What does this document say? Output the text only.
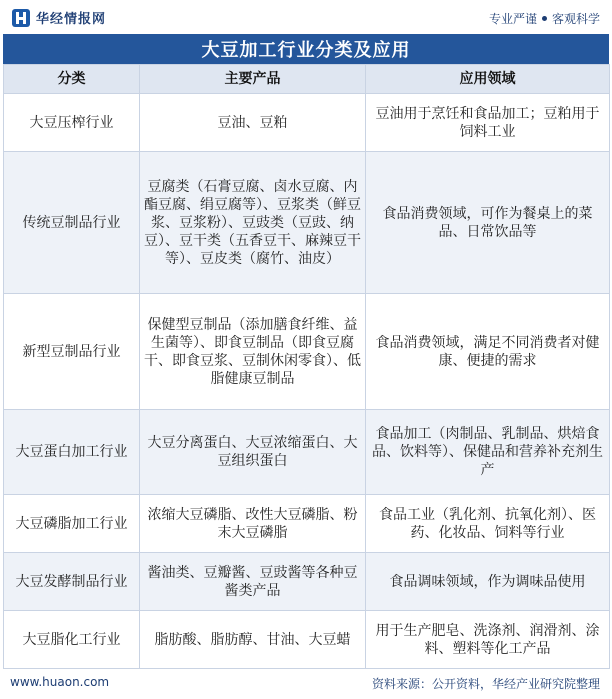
华经情报网	专业严谨 客观科学
大豆加工行业分类及应用
分类	主要产品	应用领域
大豆压榨行业	豆油、豆粕	豆油用于烹饪和食品加工；豆粕用于饲料工业
传统豆制品行业	豆腐类（石膏豆腐、卤水豆腐、内酯豆腐、绢豆腐等）、豆浆类（鲜豆浆、豆浆粉）、豆豉类（豆豉、纳豆）、豆干类（五香豆干、麻辣豆干等）、豆皮类（腐竹、油皮）	食品消费领域，可作为餐桌上的菜品、日常饮品等
新型豆制品行业	保健型豆制品（添加膳食纤维、益生菌等）、即食豆制品（即食豆腐干、即食豆浆、豆制休闲零食）、低脂健康豆制品	食品消费领域，满足不同消费者对健康、便捷的需求
大豆蛋白加工行业	大豆分离蛋白、大豆浓缩蛋白、大豆组织蛋白	食品加工（肉制品、乳制品、烘焙食品、饮料等）、保健品和营养补充剂生产
大豆磷脂加工行业	浓缩大豆磷脂、改性大豆磷脂、粉末大豆磷脂	食品工业（乳化剂、抗氧化剂）、医药、化妆品、饲料等行业
大豆发酵制品行业	酱油类、豆瓣酱、豆豉酱等各种豆酱类产品	食品调味领域，作为调味品使用
大豆脂化工行业	脂肪酸、脂肪醇、甘油、大豆蜡	用于生产肥皂、洗涤剂、润滑剂、涂料、塑料等化工产品
www.huaon.com	资料来源：公开资料，华经产业研究院整理
